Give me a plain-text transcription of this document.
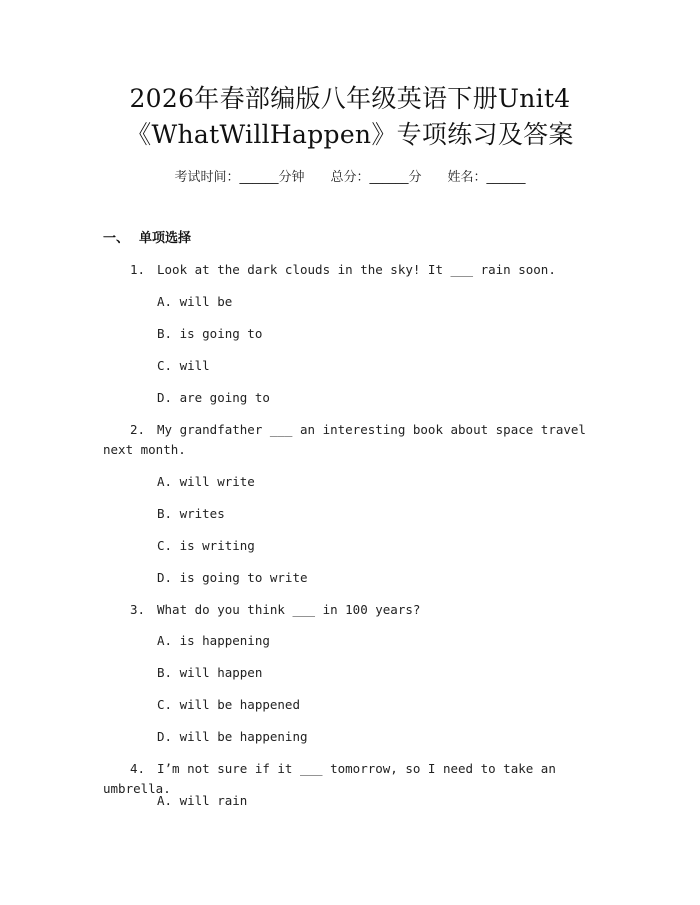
2026年春部编版八年级英语下册Unit4
《WhatWillHappen》专项练习及答案
考试时间：______分钟 总分：______分 姓名：______
一、 单项选择
1. Look at the dark clouds in the sky! It ___ rain soon.
A. will be
B. is going to
C. will
D. are going to
2. My grandfather ___ an interesting book about space travel next month.
A. will write
B. writes
C. is writing
D. is going to write
3. What do you think ___ in 100 years?
A. is happening
B. will happen
C. will be happened
D. will be happening
4. I’m not sure if it ___ tomorrow, so I need to take an umbrella.
A. will rain
